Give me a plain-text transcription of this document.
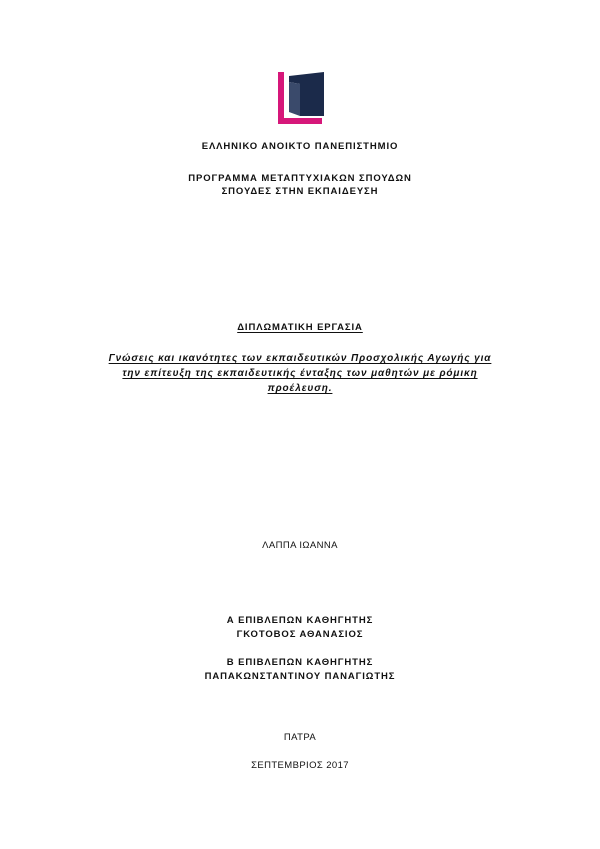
ΕΛΛΗΝΙΚΟ ΑΝΟΙΚΤΟ ΠΑΝΕΠΙΣΤΗΜΙΟ
ΠΡΟΓΡΑΜΜΑ ΜΕΤΑΠΤΥΧΙΑΚΩΝ ΣΠΟΥΔΩΝ
ΣΠΟΥΔΕΣ ΣΤΗΝ ΕΚΠΑΙΔΕΥΣΗ
ΔΙΠΛΩΜΑΤΙΚΗ ΕΡΓΑΣΙΑ
Γνώσεις και ικανότητες των εκπαιδευτικών Προσχολικής Αγωγής για
την επίτευξη της εκπαιδευτικής ένταξης των μαθητών με ρόμικη
προέλευση.
ΛΑΠΠΑ ΙΩΑΝΝΑ
Α ΕΠΙΒΛΕΠΩΝ ΚΑΘΗΓΗΤΗΣ
ΓΚΟΤΟΒΟΣ ΑΘΑΝΑΣΙΟΣ
Β ΕΠΙΒΛΕΠΩΝ ΚΑΘΗΓΗΤΗΣ
ΠΑΠΑΚΩΝΣΤΑΝΤΙΝΟΥ ΠΑΝΑΓΙΩΤΗΣ
ΠΑΤΡΑ
ΣΕΠΤΕΜΒΡΙΟΣ 2017
